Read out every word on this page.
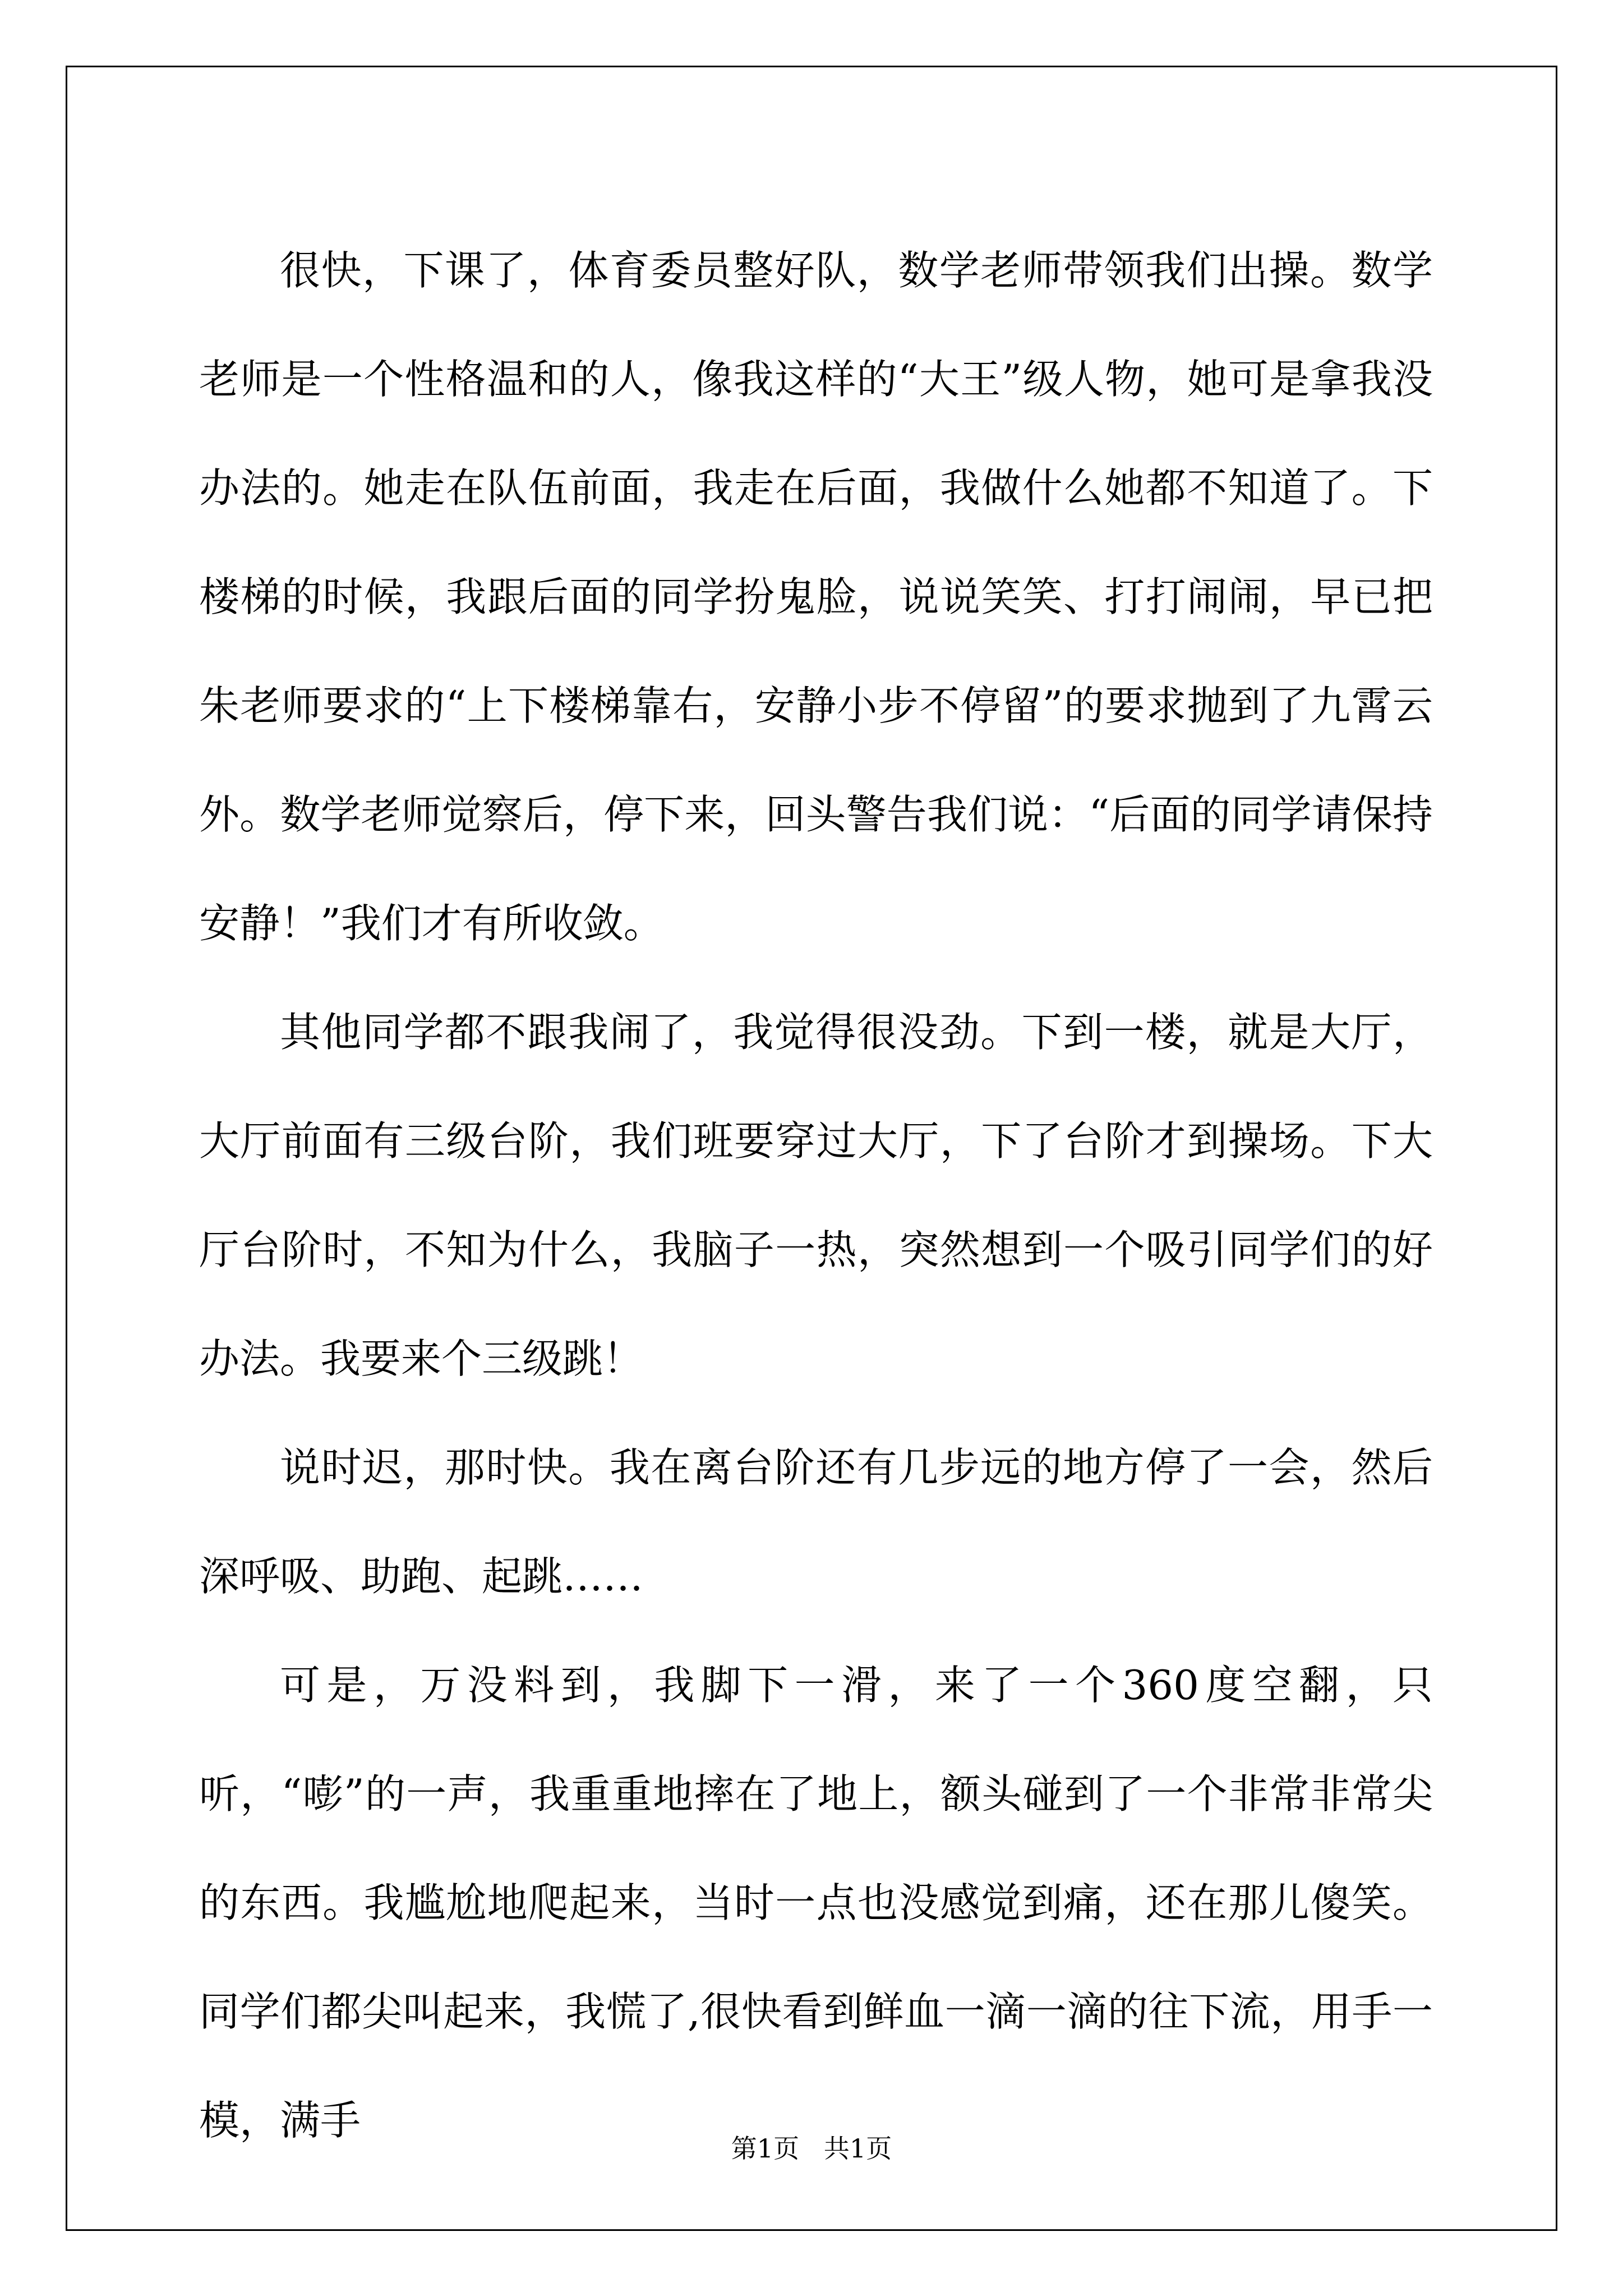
很快，下课了，体育委员整好队，数学老师带领我们出操。数学老师是一个性格温和的人，像我这样的“大王”级人物，她可是拿我没办法的。她走在队伍前面，我走在后面，我做什么她都不知道了。下楼梯的时候，我跟后面的同学扮鬼脸，说说笑笑、打打闹闹，早已把朱老师要求的“上下楼梯靠右，安静小步不停留”的要求抛到了九霄云外。数学老师觉察后，停下来，回头警告我们说：“后面的同学请保持安静！”我们才有所收敛。

其他同学都不跟我闹了，我觉得很没劲。下到一楼，就是大厅，大厅前面有三级台阶，我们班要穿过大厅，下了台阶才到操场。下大厅台阶时，不知为什么，我脑子一热，突然想到一个吸引同学们的好办法。我要来个三级跳！

说时迟，那时快。我在离台阶还有几步远的地方停了一会，然后深呼吸、助跑、起跳……

可是，万没料到，我脚下一滑，来了一个360度空翻，只听，“嘭”的一声，我重重地摔在了地上，额头碰到了一个非常非常尖的东西。我尴尬地爬起来，当时一点也没感觉到痛，还在那儿傻笑。同学们都尖叫起来，我慌了,很快看到鲜血一滴一滴的往下流，用手一模，满手

第1页   共1页
